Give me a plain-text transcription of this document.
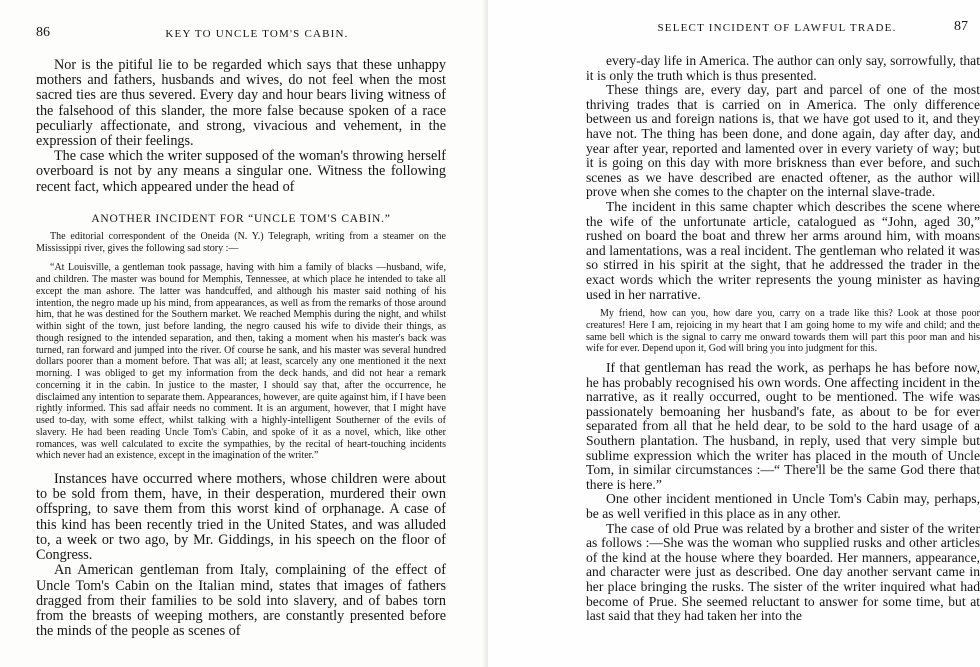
86	KEY TO UNCLE TOM'S CABIN.

Nor is the pitiful lie to be regarded which says that these unhappy mothers and fathers, husbands and wives, do not feel when the most sacred ties are thus severed. Every day and hour bears living witness of the falsehood of this slander, the more false because spoken of a race peculiarly affectionate, and strong, vivacious and vehement, in the expression of their feelings.

The case which the writer supposed of the woman's throwing herself overboard is not by any means a singular one. Witness the following recent fact, which appeared under the head of

ANOTHER INCIDENT FOR “UNCLE TOM'S CABIN.”

The editorial correspondent of the Oneida (N. Y.) Telegraph, writing from a steamer on the Mississippi river, gives the following sad story :—

“At Louisville, a gentleman took passage, having with him a family of blacks —husband, wife, and children. The master was bound for Memphis, Tennessee, at which place he intended to take all except the man ashore. The latter was handcuffed, and although his master said nothing of his intention, the negro made up his mind, from appearances, as well as from the remarks of those around him, that he was destined for the Southern market. We reached Memphis during the night, and whilst within sight of the town, just before landing, the negro caused his wife to divide their things, as though resigned to the intended separation, and then, taking a moment when his master's back was turned, ran forward and jumped into the river. Of course he sank, and his master was several hundred dollars poorer than a moment before. That was all; at least, scarcely any one mentioned it the next morning. I was obliged to get my information from the deck hands, and did not hear a remark concerning it in the cabin. In justice to the master, I should say that, after the occurrence, he disclaimed any intention to separate them. Appearances, however, are quite against him, if I have been rightly informed. This sad affair needs no comment. It is an argument, however, that I might have used to-day, with some effect, whilst talking with a highly-intelligent Southerner of the evils of slavery. He had been reading Uncle Tom's Cabin, and spoke of it as a novel, which, like other romances, was well calculated to excite the sympathies, by the recital of heart-touching incidents which never had an existence, except in the imagination of the writer.”

Instances have occurred where mothers, whose children were about to be sold from them, have, in their desperation, murdered their own offspring, to save them from this worst kind of orphanage. A case of this kind has been recently tried in the United States, and was alluded to, a week or two ago, by Mr. Giddings, in his speech on the floor of Congress.

An American gentleman from Italy, complaining of the effect of Uncle Tom's Cabin on the Italian mind, states that images of fathers dragged from their families to be sold into slavery, and of babes torn from the breasts of weeping mothers, are constantly presented before the minds of the people as scenes of

SELECT INCIDENT OF LAWFUL TRADE.	87

every-day life in America. The author can only say, sorrowfully, that it is only the truth which is thus presented.

These things are, every day, part and parcel of one of the most thriving trades that is carried on in America. The only difference between us and foreign nations is, that we have got used to it, and they have not. The thing has been done, and done again, day after day, and year after year, reported and lamented over in every variety of way; but it is going on this day with more briskness than ever before, and such scenes as we have described are enacted oftener, as the author will prove when she comes to the chapter on the internal slave-trade.

The incident in this same chapter which describes the scene where the wife of the unfortunate article, catalogued as “John, aged 30,” rushed on board the boat and threw her arms around him, with moans and lamentations, was a real incident. The gentleman who related it was so stirred in his spirit at the sight, that he addressed the trader in the exact words which the writer represents the young minister as having used in her narrative.

My friend, how can you, how dare you, carry on a trade like this? Look at those poor creatures! Here I am, rejoicing in my heart that I am going home to my wife and child; and the same bell which is the signal to carry me onward towards them will part this poor man and his wife for ever. Depend upon it, God will bring you into judgment for this.

If that gentleman has read the work, as perhaps he has before now, he has probably recognised his own words. One affecting incident in the narrative, as it really occurred, ought to be mentioned. The wife was passionately bemoaning her husband's fate, as about to be for ever separated from all that he held dear, to be sold to the hard usage of a Southern plantation. The husband, in reply, used that very simple but sublime expression which the writer has placed in the mouth of Uncle Tom, in similar circumstances :—“ There'll be the same God there that there is here.”

One other incident mentioned in Uncle Tom's Cabin may, perhaps, be as well verified in this place as in any other.

The case of old Prue was related by a brother and sister of the writer as follows :—She was the woman who supplied rusks and other articles of the kind at the house where they boarded. Her manners, appearance, and character were just as described. One day another servant came in her place bringing the rusks. The sister of the writer inquired what had become of Prue. She seemed reluctant to answer for some time, but at last said that they had taken her into the
